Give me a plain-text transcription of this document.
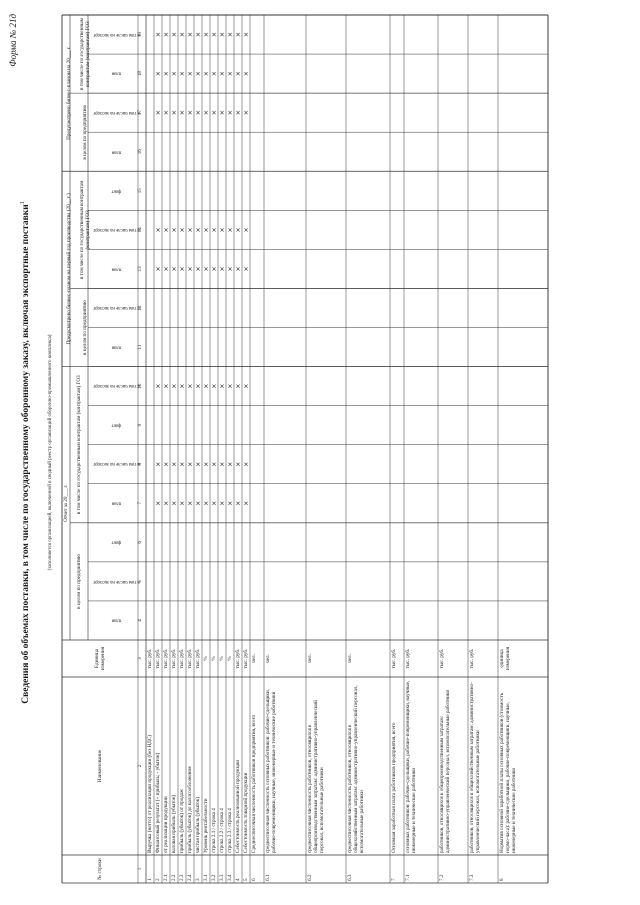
Форма № 21д
Сведения об объемах поставки, в том числе по государственному оборонному заказу, включая экспортные поставки$^1$
(заполняется организацией, включенной в сводный реестр организаций оборонно-промышленного комплекса) Отчет за 20___ г.
Предусмотрено бизнес-планом на первый год производства (20__ г.)
Предусмотрено бизнес-планом на 20___ г.
№ строки
Наименование
Единица измерения
в целом по предприятию
в том числе по государственным контрактам (контрактам) ГОЗ
в целом по предприятию
в том числе по государственным контрактам (контрактам) ГОЗ
в целом по предприятию
в том числе по государственным контрактам (контрактам) ГОЗ
план
в том числе на экспорт
факт
план
в том числе на экспорт
факт
в том числе на экспорт
план
в том числе на экспорт
план
в том числе на экспорт
факт
план
в том числе на экспорт
план
в том числе на экспорт
1
2
3
4
5
6
7
8
9
10
11
12
13
14
15
16
17
18
19
1
Выручка (нетто) от реализации продукции (без НДС)
тыс. руб.
2
Финансовый результат (+ прибыль; - убыток)
тыс. руб.
2.1
от реализации продукции
тыс. руб.
2.2
валовая прибыль (убыток)
тыс. руб.
2.3
прибыль (убыток) от продаж
тыс. руб.
2.4
прибыль (убыток) до налогообложения
тыс. руб.
3
чистая прибыль (убыток)
тыс. руб.
3.1
Уровень рентабельности
%
3.2
строка 2.1 / строка 4
%
3.3
строка 2.2 / строка 4
%
3.4
строка 2.3 / строка 4
%
4
Себестоимость реализованной продукции
тыс. руб.
5
Себестоимость товарной продукции
тыс. руб.
6
Среднесписочная численность работников предприятия, всего
чел.
6.1
среднесписочная численность основных работников: рабочие-сдельщики, рабочие-повременщики, научные, инженерные и технические работники
чел.
6.2
среднесписочная численность работников, относящихся к общепроизводственным затратам: административно-управленческий персонал, вспомогательные работники
чел.
6.3
среднесписочная численность работников, относящихся к общехозяйственным затратам: административно-управленческий персонал, вспомогательные работники
чел.
7
Основная заработная плата работников предприятия, всего
тыс. руб.
7.1
основных работников: рабочие-сдельщики, рабочие-повременщики, научные, инженерные и технические работники
тыс. руб.
7.2
работников, относящихся к общепроизводственным затратам: административно-управленческий персонал, вспомогательные работники
тыс. руб.
7.3
работников, относящихся к общехозяйственным затратам: административно-управленческий персонал, вспомогательные работники
тыс. руб.
8
Норматив основной заработной платы основных работников (стоимость нормо-часа): рабочие-сдельщики, рабочие-повременщики, научные, инженерные и технические работники
единица измерения
×
×
×
×
×
×
×
×
×
×
×
×
×
×
×
×
×
×
×
×
×
×
×
×
×
×
×
×
×
×
×
×
×
×
×
×
×
×
×
×
×
×
×
×
×
×
×
×
×
×
×
×
×
×
×
×
×
×
×
×
×
×
×
×
×
×
×
×
×
×
×
×
×
×
×
×
×
×
×
×
×
×
×
×
×
×
×
×
×
×
×
×
×
×
×
×
